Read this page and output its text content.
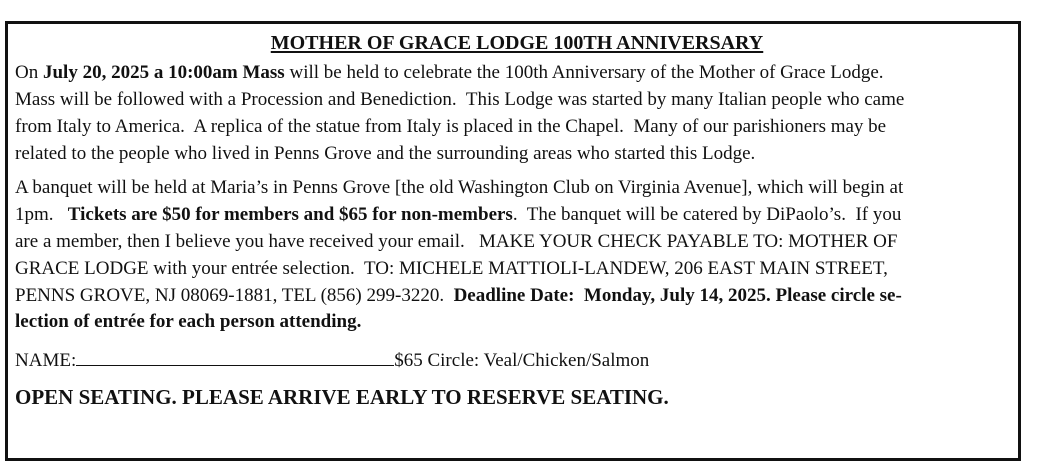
MOTHER OF GRACE LODGE 100TH ANNIVERSARY
On July 20, 2025 a 10:00am Mass will be held to celebrate the 100th Anniversary of the Mother of Grace Lodge.
Mass will be followed with a Procession and Benediction.  This Lodge was started by many Italian people who came
from Italy to America.  A replica of the statue from Italy is placed in the Chapel.  Many of our parishioners may be
related to the people who lived in Penns Grove and the surrounding areas who started this Lodge.
A banquet will be held at Maria’s in Penns Grove [the old Washington Club on Virginia Avenue], which will begin at
1pm.   Tickets are $50 for members and $65 for non-members.  The banquet will be catered by DiPaolo’s.  If you
are a member, then I believe you have received your email.   MAKE YOUR CHECK PAYABLE TO: MOTHER OF
GRACE LODGE with your entrée selection.  TO: MICHELE MATTIOLI-LANDEW, 206 EAST MAIN STREET,
PENNS GROVE, NJ 08069-1881, TEL (856) 299-3220.  Deadline Date:  Monday, July 14, 2025. Please circle se-
lection of entrée for each person attending.
NAME:	$65 Circle: Veal/Chicken/Salmon
OPEN SEATING. PLEASE ARRIVE EARLY TO RESERVE SEATING.
